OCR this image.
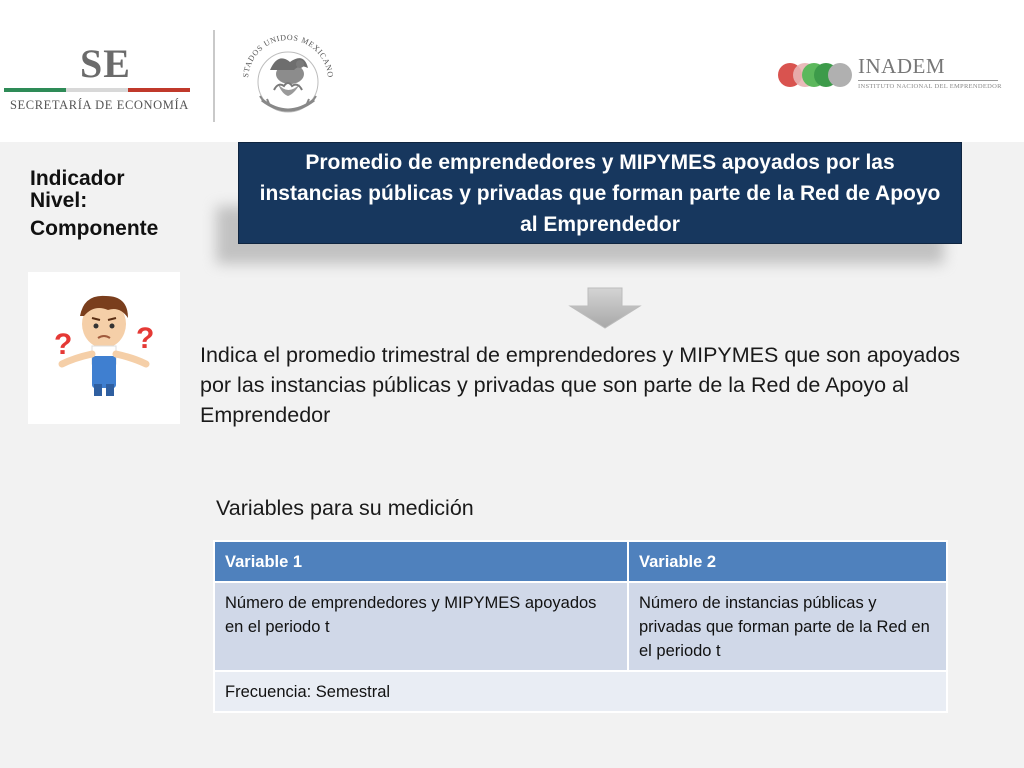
SE
SECRETARÍA DE ECONOMÍA
STADOS UNIDOS MEXICANO	INADEM
INSTITUTO NACIONAL DEL EMPRENDEDOR
Indicador
Nivel:
Componente
Promedio de emprendedores y MIPYMES apoyados por las instancias públicas y privadas que forman parte de la Red de Apoyo al Emprendedor
? ? Indica el promedio trimestral de emprendedores y MIPYMES que son apoyados por las instancias públicas y privadas que son parte de la Red de Apoyo al Emprendedor
Variables para su medición
Variable 1	Variable 2
Número de emprendedores y MIPYMES apoyados en el periodo t	Número de instancias públicas y privadas que forman parte de la Red en el periodo t
Frecuencia: Semestral	
